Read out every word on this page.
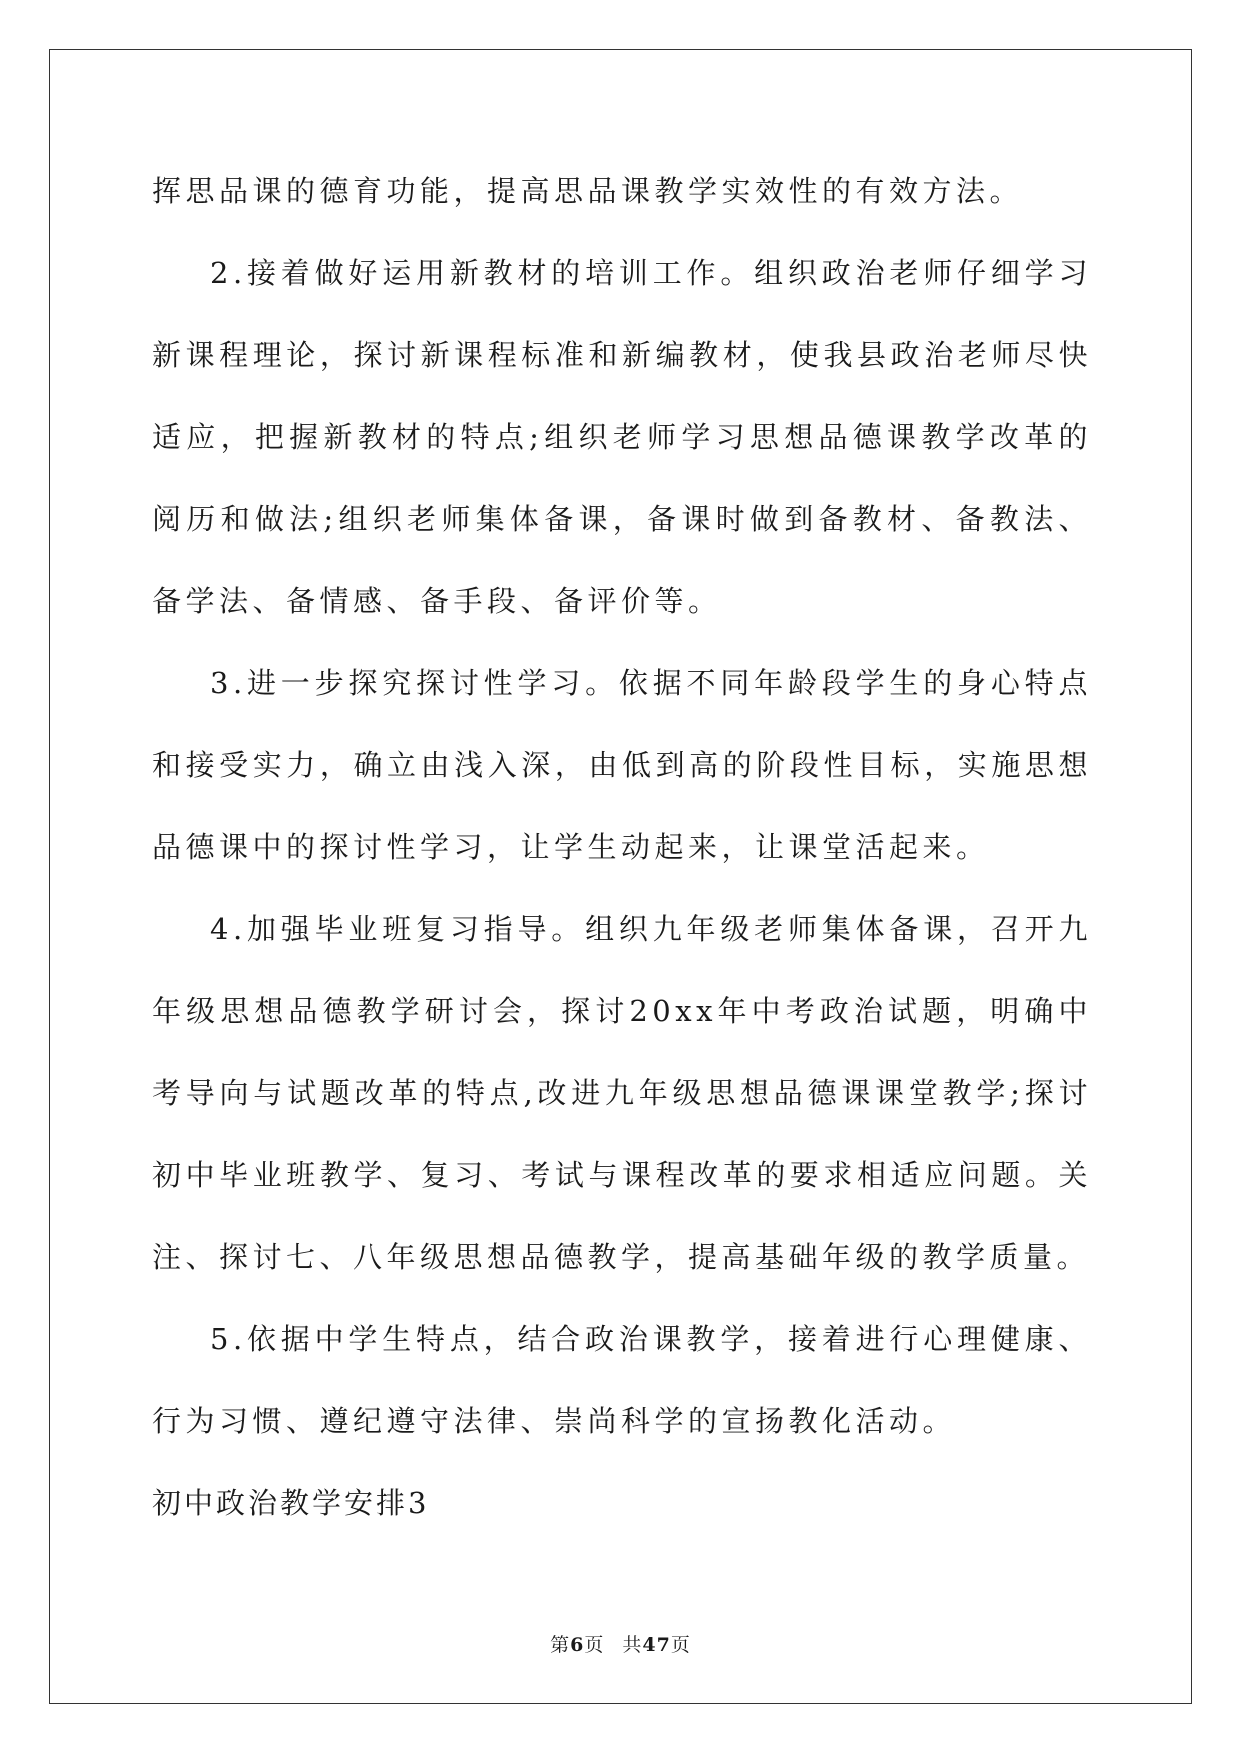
挥思品课的德育功能，提高思品课教学实效性的有效方法。

2.接着做好运用新教材的培训工作。组织政治老师仔细学习新课程理论，探讨新课程标准和新编教材，使我县政治老师尽快适应，把握新教材的特点;组织老师学习思想品德课教学改革的阅历和做法;组织老师集体备课，备课时做到备教材、备教法、备学法、备情感、备手段、备评价等。

3.进一步探究探讨性学习。依据不同年龄段学生的身心特点和接受实力，确立由浅入深，由低到高的阶段性目标，实施思想品德课中的探讨性学习，让学生动起来，让课堂活起来。

4.加强毕业班复习指导。组织九年级老师集体备课，召开九年级思想品德教学研讨会，探讨20xx年中考政治试题，明确中考导向与试题改革的特点,改进九年级思想品德课课堂教学;探讨初中毕业班教学、复习、考试与课程改革的要求相适应问题。关注、探讨七、八年级思想品德教学，提高基础年级的教学质量。

5.依据中学生特点，结合政治课教学，接着进行心理健康、行为习惯、遵纪遵守法律、崇尚科学的宣扬教化活动。

初中政治教学安排3

第6页 共47页
